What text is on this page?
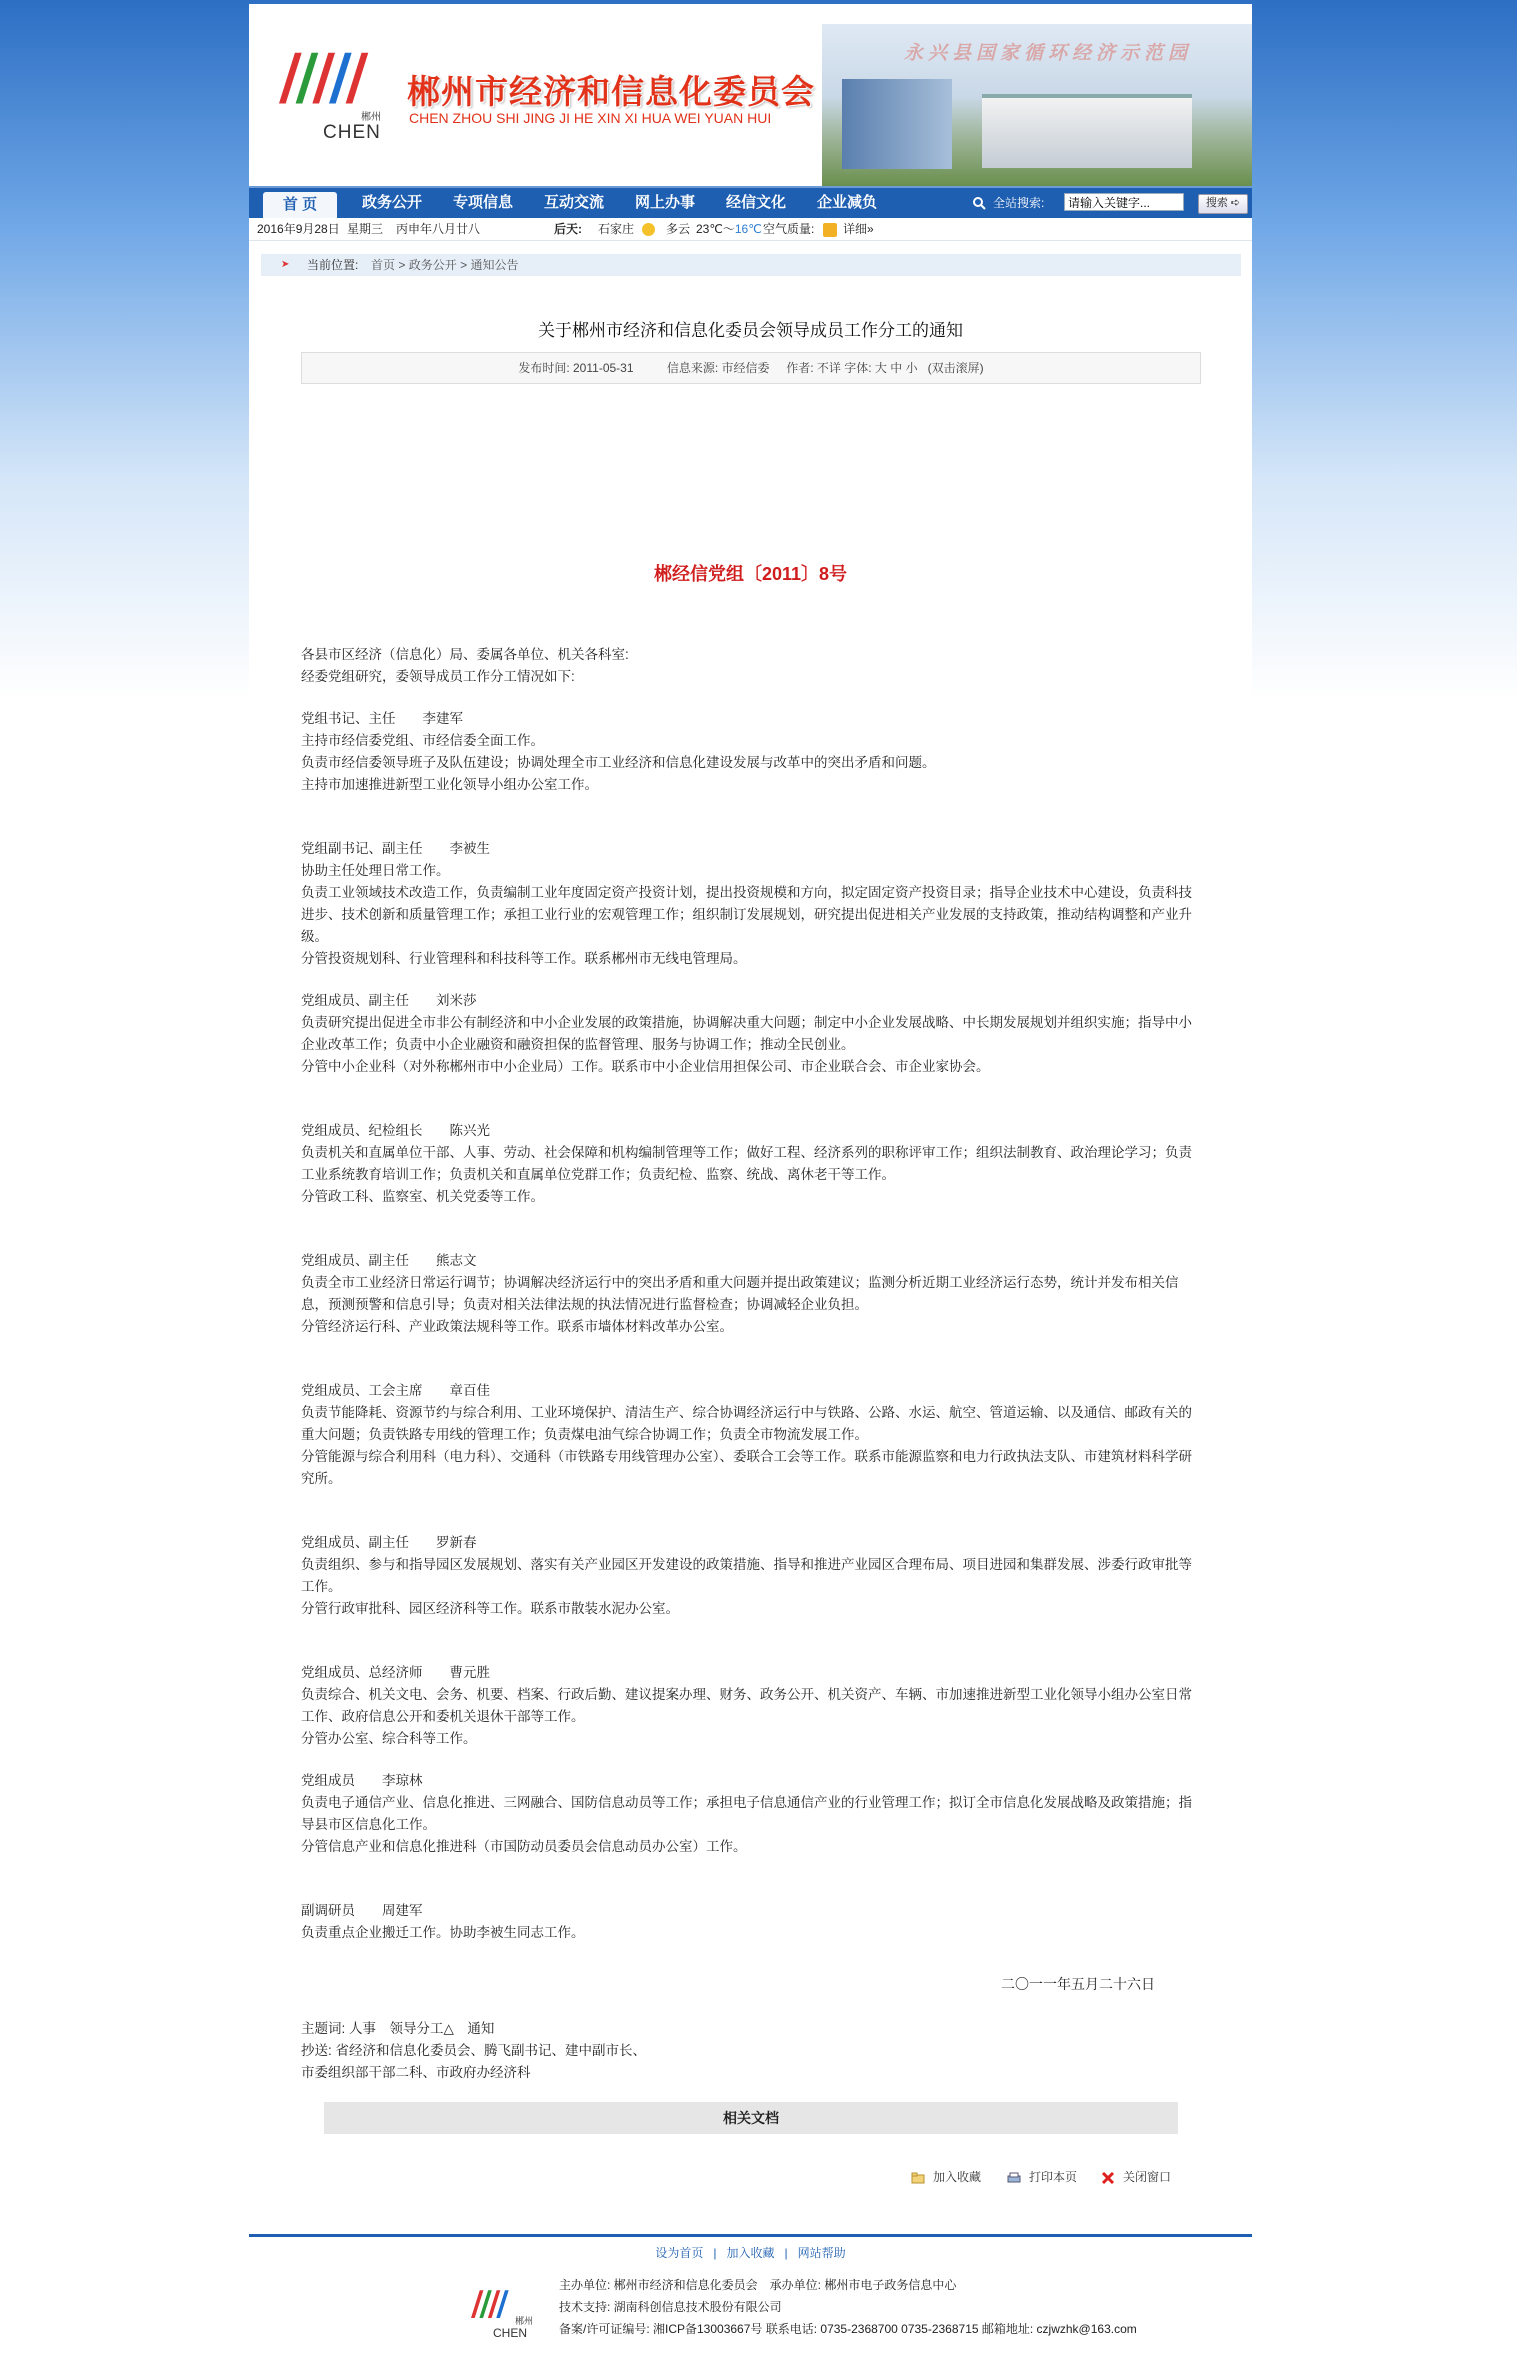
永兴县国家循环经济示范园
/////
郴州
CHEN
郴州市经济和信息化委员会
CHEN ZHOU SHI JING JI HE XIN XI HUA WEI YUAN HUI
首 页	政务公开 专项信息 互动交流 网上办事 经信文化 企业减负	全站搜索:
请输入关键字...	搜索 ➪
2016年9月28日 星期三 丙申年八月廿八	后天: 石家庄	多云 23℃～16℃ 空气质量: 详细»
➤ 当前位置: 首页 > 政务公开 > 通知公告
关于郴州市经济和信息化委员会领导成员工作分工的通知
发布时间: 2011-05-31	信息来源: 市经信委 作者: 不详 字体: 大 中 小 (双击滚屏)
郴经信党组〔2011〕8号

各县市区经济（信息化）局、委属各单位、机关各科室:

经委党组研究，委领导成员工作分工情况如下:

党组书记、主任　　李建军

主持市经信委党组、市经信委全面工作。

负责市经信委领导班子及队伍建设；协调处理全市工业经济和信息化建设发展与改革中的突出矛盾和问题。

主持市加速推进新型工业化领导小组办公室工作。

党组副书记、副主任　　李被生

协助主任处理日常工作。

负责工业领域技术改造工作，负责编制工业年度固定资产投资计划，提出投资规模和方向，拟定固定资产投资目录；指导企业技术中心建设，负责科技进步、技术创新和质量管理工作；承担工业行业的宏观管理工作；组织制订发展规划，研究提出促进相关产业发展的支持政策，推动结构调整和产业升级。

分管投资规划科、行业管理科和科技科等工作。联系郴州市无线电管理局。

党组成员、副主任　　刘米莎

负责研究提出促进全市非公有制经济和中小企业发展的政策措施，协调解决重大问题；制定中小企业发展战略、中长期发展规划并组织实施；指导中小企业改革工作；负责中小企业融资和融资担保的监督管理、服务与协调工作；推动全民创业。

分管中小企业科（对外称郴州市中小企业局）工作。联系市中小企业信用担保公司、市企业联合会、市企业家协会。

党组成员、纪检组长　　陈兴光

负责机关和直属单位干部、人事、劳动、社会保障和机构编制管理等工作；做好工程、经济系列的职称评审工作；组织法制教育、政治理论学习；负责工业系统教育培训工作；负责机关和直属单位党群工作；负责纪检、监察、统战、离休老干等工作。

分管政工科、监察室、机关党委等工作。

党组成员、副主任　　熊志文

负责全市工业经济日常运行调节；协调解决经济运行中的突出矛盾和重大问题并提出政策建议；监测分析近期工业经济运行态势，统计并发布相关信息，预测预警和信息引导；负责对相关法律法规的执法情况进行监督检查；协调减轻企业负担。

分管经济运行科、产业政策法规科等工作。联系市墙体材料改革办公室。

党组成员、工会主席　　章百佳

负责节能降耗、资源节约与综合利用、工业环境保护、清洁生产、综合协调经济运行中与铁路、公路、水运、航空、管道运输、以及通信、邮政有关的重大问题；负责铁路专用线的管理工作；负责煤电油气综合协调工作；负责全市物流发展工作。

分管能源与综合利用科（电力科）、交通科（市铁路专用线管理办公室）、委联合工会等工作。联系市能源监察和电力行政执法支队、市建筑材料科学研究所。

党组成员、副主任　　罗新春

负责组织、参与和指导园区发展规划、落实有关产业园区开发建设的政策措施、指导和推进产业园区合理布局、项目进园和集群发展、涉委行政审批等工作。

分管行政审批科、园区经济科等工作。联系市散装水泥办公室。

党组成员、总经济师　　曹元胜

负责综合、机关文电、会务、机要、档案、行政后勤、建议提案办理、财务、政务公开、机关资产、车辆、市加速推进新型工业化领导小组办公室日常工作、政府信息公开和委机关退休干部等工作。

分管办公室、综合科等工作。

党组成员　　李琼林

负责电子通信产业、信息化推进、三网融合、国防信息动员等工作；承担电子信息通信产业的行业管理工作；拟订全市信息化发展战略及政策措施；指导县市区信息化工作。

分管信息产业和信息化推进科（市国防动员委员会信息动员办公室）工作。

副调研员　　周建军

负责重点企业搬迁工作。协助李被生同志工作。

二〇一一年五月二十六日
主题词: 人事　领导分工△　通知
抄送: 省经济和信息化委员会、腾飞副书记、建中副市长、
市委组织部干部二科、市政府办经济科
相关文档
加入收藏	打印本页	关闭窗口
设为首页 | 加入收藏 | 网站帮助
////
CHEN
郴州
主办单位: 郴州市经济和信息化委员会　承办单位: 郴州市电子政务信息中心
技术支持: 湖南科创信息技术股份有限公司
备案/许可证编号: 湘ICP备13003667号 联系电话: 0735-2368700 0735-2368715 邮箱地址: czjwzhk@163.com
